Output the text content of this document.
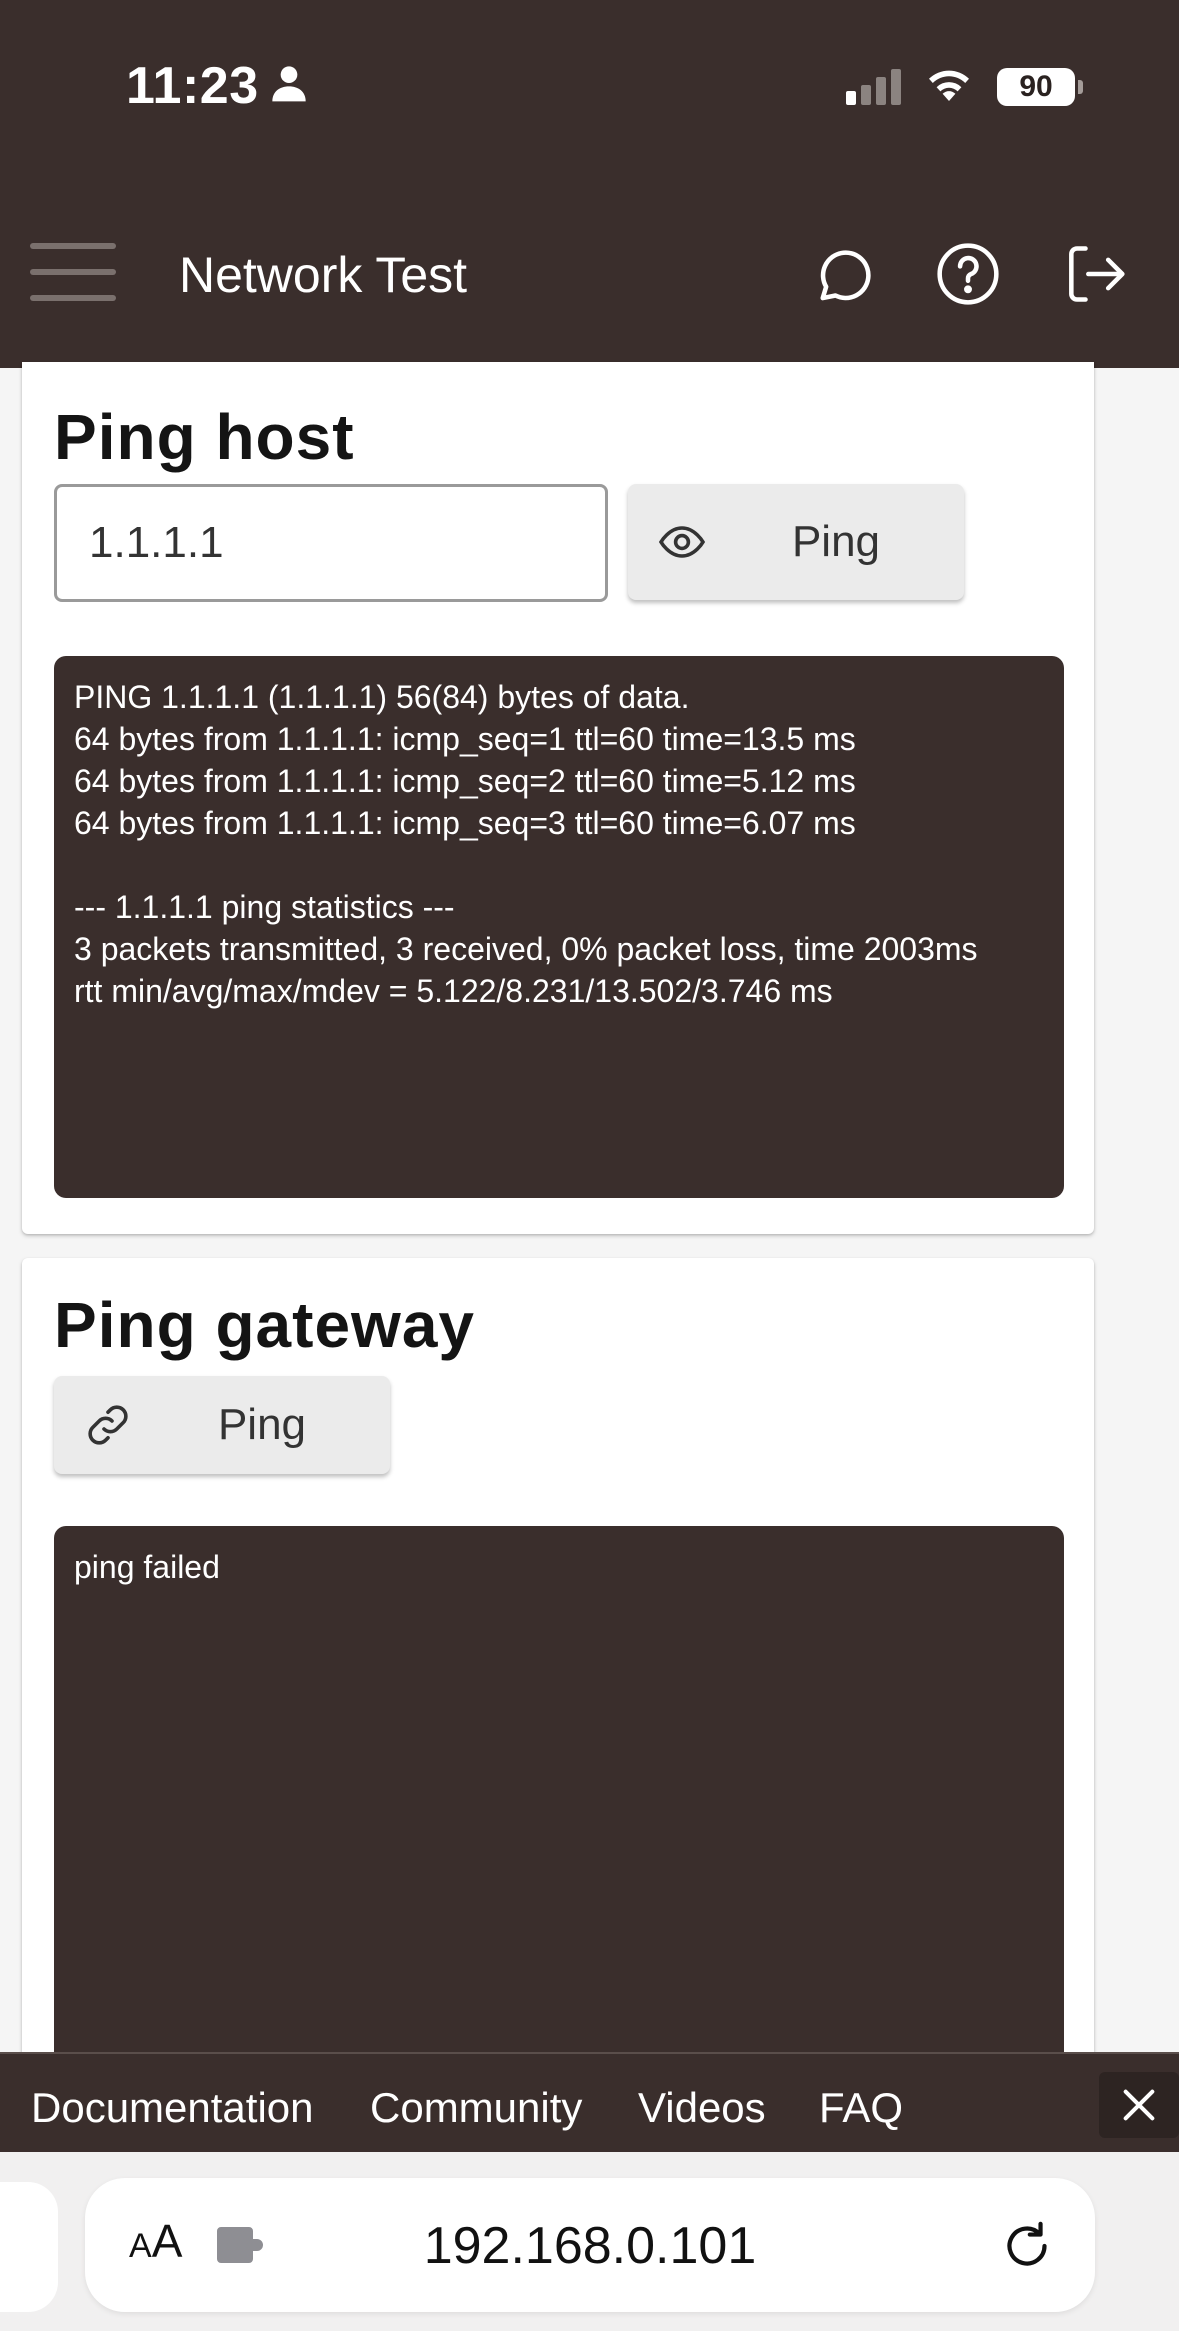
11:23	90
Network Test
Ping host
1.1.1.1
Ping
PING 1.1.1.1 (1.1.1.1) 56(84) bytes of data.
64 bytes from 1.1.1.1: icmp_seq=1 ttl=60 time=13.5 ms
64 bytes from 1.1.1.1: icmp_seq=2 ttl=60 time=5.12 ms
64 bytes from 1.1.1.1: icmp_seq=3 ttl=60 time=6.07 ms

--- 1.1.1.1 ping statistics ---
3 packets transmitted, 3 received, 0% packet loss, time 2003ms
rtt min/avg/max/mdev = 5.122/8.231/13.502/3.746 ms
Ping gateway
Ping
ping failed
Documentation Community Videos FAQ
AA	192.168.0.101
